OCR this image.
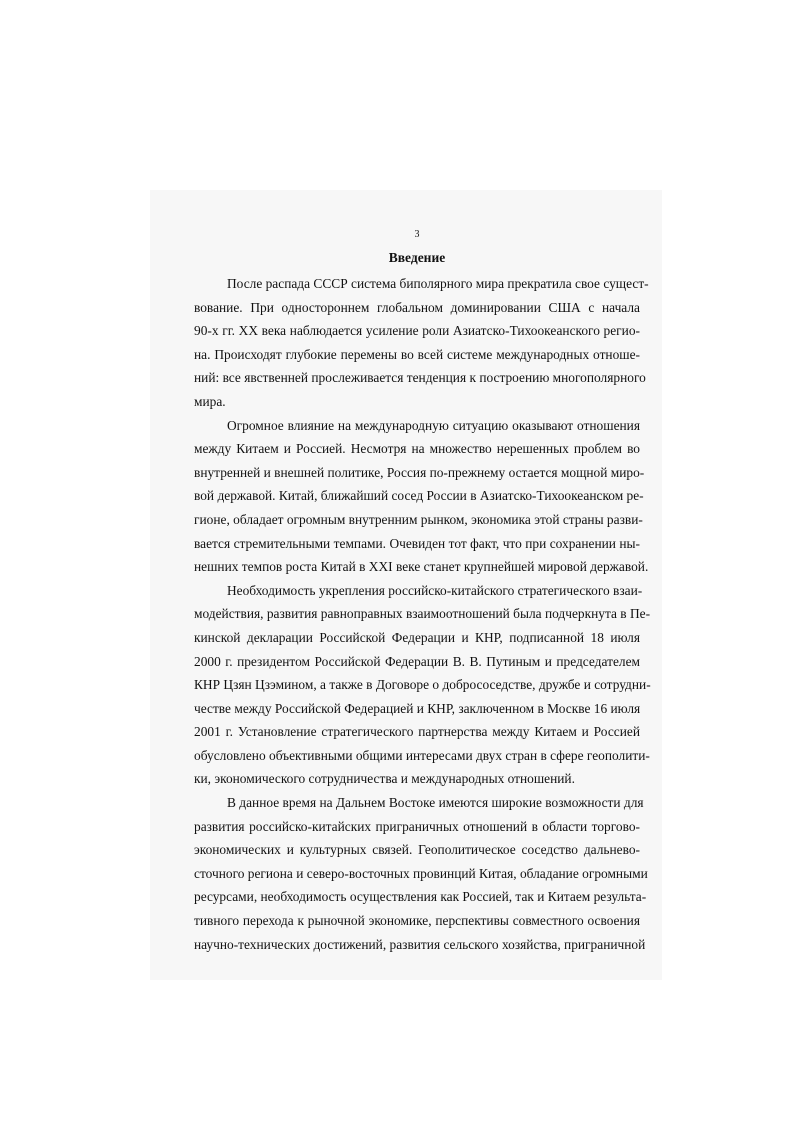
3
Введение

После распада СССР система биполярного мира прекратила свое сущест-
вование. При одностороннем глобальном доминировании США с начала
90-х гг. XX века наблюдается усиление роли Азиатско-Тихоокеанского регио-
на. Происходят глубокие перемены во всей системе международных отноше-
ний: все явственней прослеживается тенденция к построению многополярного
мира.

Огромное влияние на международную ситуацию оказывают отношения
между Китаем и Россией. Несмотря на множество нерешенных проблем во
внутренней и внешней политике, Россия по-прежнему остается мощной миро-
вой державой. Китай, ближайший сосед России в Азиатско-Тихоокеанском ре-
гионе, обладает огромным внутренним рынком, экономика этой страны разви-
вается стремительными темпами. Очевиден тот факт, что при сохранении ны-
нешних темпов роста Китай в XXI веке станет крупнейшей мировой державой.

Необходимость укрепления российско-китайского стратегического взаи-
модействия, развития равноправных взаимоотношений была подчеркнута в Пе-
кинской декларации Российской Федерации и КНР, подписанной 18 июля
2000 г. президентом Российской Федерации В. В. Путиным и председателем
КНР Цзян Цзэмином, а также в Договоре о добрососедстве, дружбе и сотрудни-
честве между Российской Федерацией и КНР, заключенном в Москве 16 июля
2001 г. Установление стратегического партнерства между Китаем и Россией
обусловлено объективными общими интересами двух стран в сфере геополити-
ки, экономического сотрудничества и международных отношений.

В данное время на Дальнем Востоке имеются широкие возможности для
развития российско-китайских приграничных отношений в области торгово-
экономических и культурных связей. Геополитическое соседство дальнево-
сточного региона и северо-восточных провинций Китая, обладание огромными
ресурсами, необходимость осуществления как Россией, так и Китаем результа-
тивного перехода к рыночной экономике, перспективы совместного освоения
научно-технических достижений, развития сельского хозяйства, приграничной
